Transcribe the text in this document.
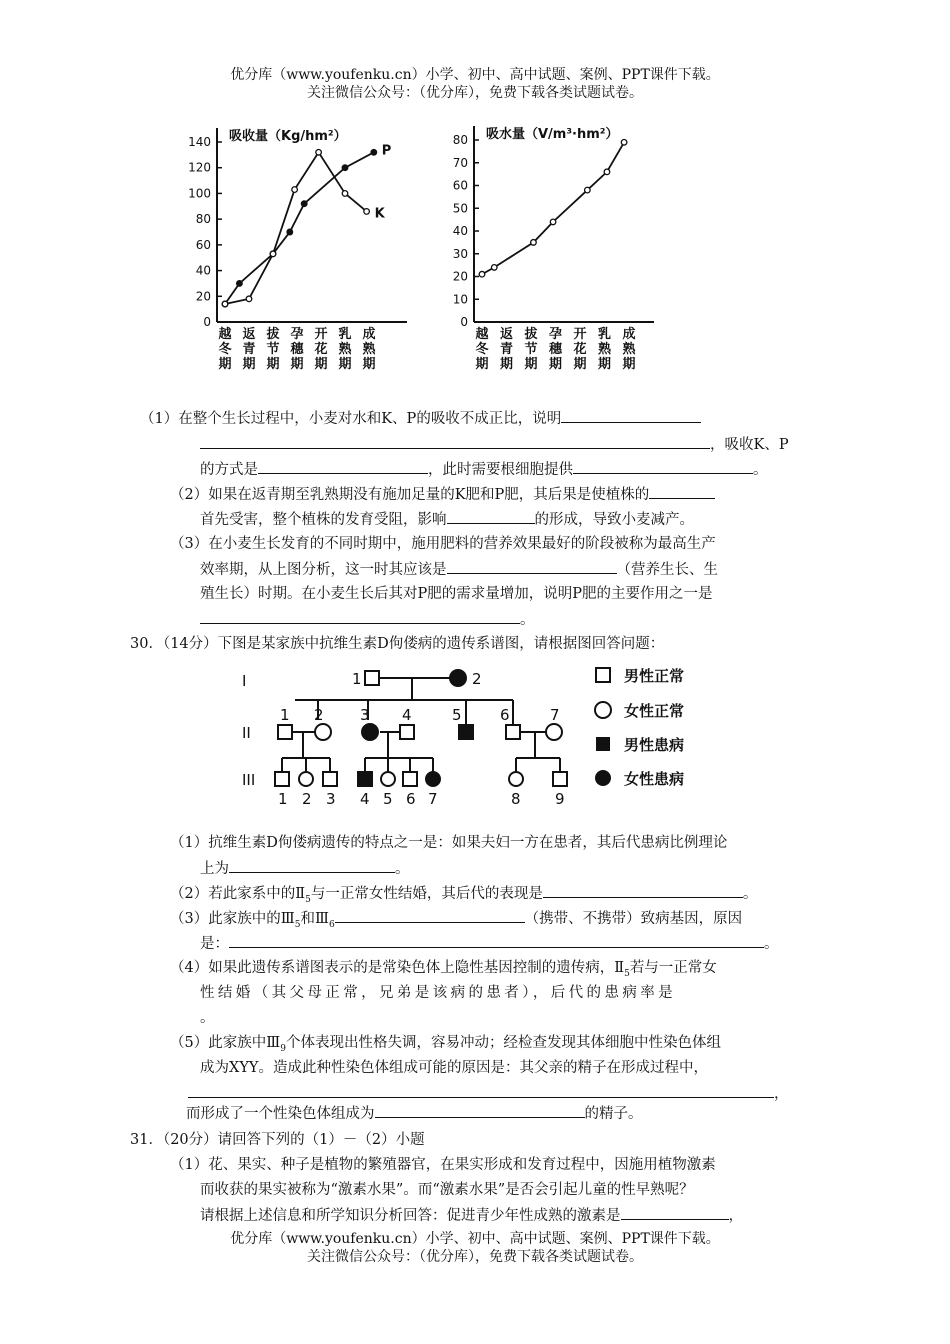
优分库（www.youfenku.cn）小学、初中、高中试题、案例、PPT课件下载。
关注微信公众号：（优分库），免费下载各类试题试卷。
吸收量（Kg/hm²）
0
20
40
60
80
100
120
140
越
冬
期
返
青
期
拔
节
期
孕
穗
期
开
花
期
乳
熟
期
成
熟
期
P
K
吸水量（V/m³·hm²）
0
10
20
30
40
50
60
70
80
越
冬
期
返
青
期
拔
节
期
孕
穗
期
开
花
期
乳
熟
期
成
熟
期
（1）在整个生长过程中，小麦对水和K、P的吸收不成正比，说明
，吸收K、P
的方式是	，此时需要根细胞提供	。
（2）如果在返青期至乳熟期没有施加足量的K肥和P肥，其后果是使植株的
首先受害，整个植株的发育受阻，影响	的形成，导致小麦减产。
（3）在小麦生长发育的不同时期中，施用肥料的营养效果最好的阶段被称为最高生产
效率期，从上图分析，这一时其应该是	（营养生长、生
殖生长）时期。在小麦生长后其对P肥的需求量增加，说明P肥的主要作用之一是
。
30．（14分）下图是某家族中抗维生素D佝偻病的遗传系谱图，请根据图回答问题：
I
II
III
1	2
1 2 3 4	5	6	7
1 2 3 4 5 6 7	8 9
男性正常
女性正常
男性患病
女性患病
（1）抗维生素D佝偻病遗传的特点之一是：如果夫妇一方在患者，其后代患病比例理论
上为	。
（2）若此家系中的$Ⅱ_5$与一正常女性结婚，其后代的表现是	。
（3）此家族中的$Ⅲ_5$和$Ⅲ_6$	（携带、不携带）致病基因，原因
是：	。
（4）如果此遗传系谱图表示的是常染色体上隐性基因控制的遗传病，$Ⅱ_5$若与一正常女
性结婚（其父母正常，兄弟是该病的患者），后代的患病率是
。
（5）此家族中$Ⅲ_9$个体表现出性格失调，容易冲动；经检查发现其体细胞中性染色体组
成为XYY。造成此种性染色体组成可能的原因是：其父亲的精子在形成过程中，
，
而形成了一个性染色体组成为	的精子。
31．（20分）请回答下列的（1）－（2）小题
（1）花、果实、种子是植物的繁殖器官，在果实形成和发育过程中，因施用植物激素
而收获的果实被称为“激素水果”。而“激素水果”是否会引起儿童的性早熟呢？
请根据上述信息和所学知识分析回答：促进青少年性成熟的激素是	，
优分库（www.youfenku.cn）小学、初中、高中试题、案例、PPT课件下载。
关注微信公众号：（优分库），免费下载各类试题试卷。
